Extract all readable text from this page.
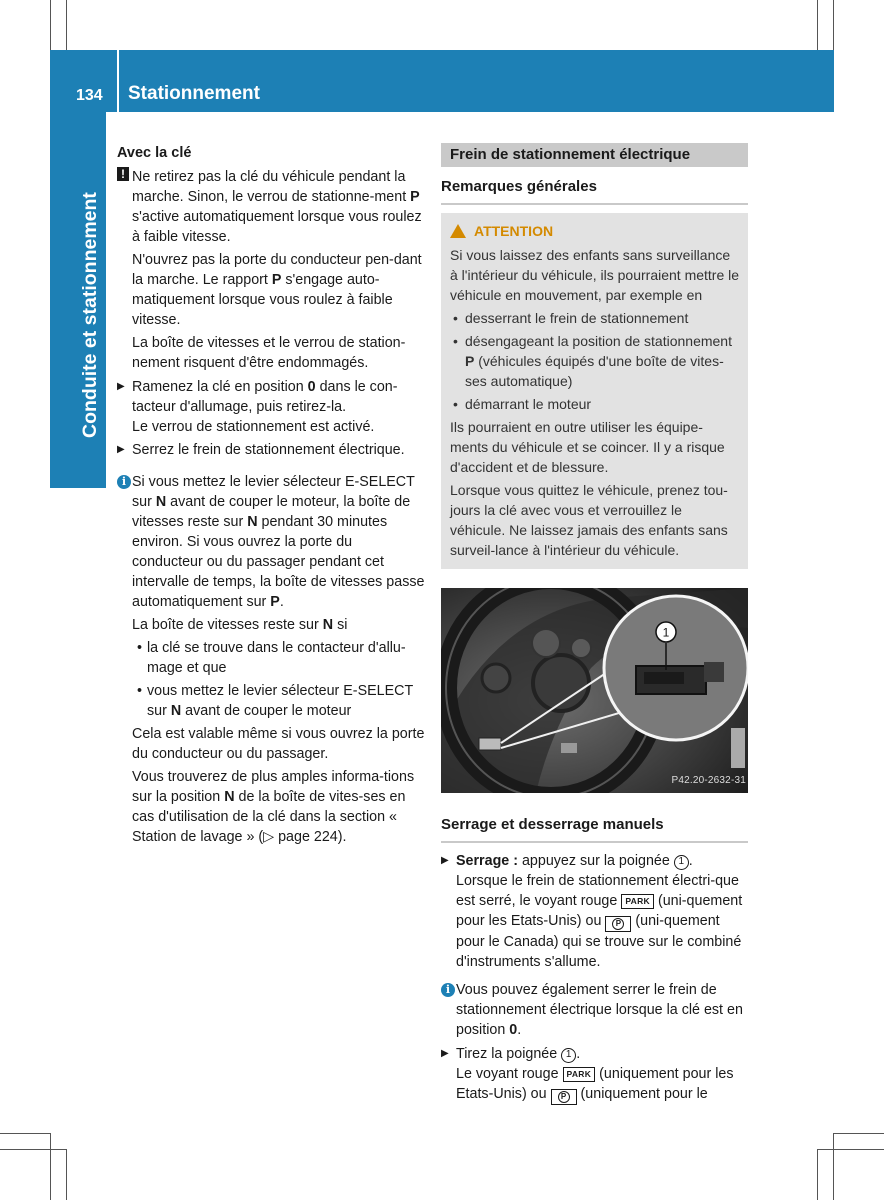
134 Stationnement
Conduite et stationnement

Avec la clé

! Ne retirez pas la clé du véhicule pendant la marche. Sinon, le verrou de stationne-ment P s'active automatiquement lorsque vous roulez à faible vitesse.

N'ouvrez pas la porte du conducteur pen-dant la marche. Le rapport P s'engage auto-matiquement lorsque vous roulez à faible vitesse.

La boîte de vitesses et le verrou de station-nement risquent d'être endommagés.

▶ Ramenez la clé en position 0 dans le con-tacteur d'allumage, puis retirez-la.
Le verrou de stationnement est activé.

▶ Serrez le frein de stationnement électrique.

i Si vous mettez le levier sélecteur E-SELECT sur N avant de couper le moteur, la boîte de vitesses reste sur N pendant 30 minutes environ. Si vous ouvrez la porte du conducteur ou du passager pendant cet intervalle de temps, la boîte de vitesses passe automatiquement sur P.

La boîte de vitesses reste sur N si

• la clé se trouve dans le contacteur d'allu-mage et que

• vous mettez le levier sélecteur E-SELECT sur N avant de couper le moteur

Cela est valable même si vous ouvrez la porte du conducteur ou du passager.

Vous trouverez de plus amples informa-tions sur la position N de la boîte de vites-ses en cas d'utilisation de la clé dans la section « Station de lavage » (▷ page 224).

Frein de stationnement électrique
Remarques générales
ATTENTION

Si vous laissez des enfants sans surveillance à l'intérieur du véhicule, ils pourraient mettre le véhicule en mouvement, par exemple en

• desserrant le frein de stationnement
• désengageant la position de stationnement P (véhicules équipés d'une boîte de vites-ses automatique)
• démarrant le moteur

Ils pourraient en outre utiliser les équipe-ments du véhicule et se coincer. Il y a risque d'accident et de blessure.

Lorsque vous quittez le véhicule, prenez tou-jours la clé avec vous et verrouillez le véhicule. Ne laissez jamais des enfants sans surveil-lance à l'intérieur du véhicule.

1
P42.20-2632-31
Serrage et desserrage manuels
▶ Serrage : appuyez sur la poignée 1 .
Lorsque le frein de stationnement électri-que est serré, le voyant rouge PARK (uni-quement pour les Etats-Unis) ou P (uni-quement pour le Canada) qui se trouve sur le combiné d'instruments s'allume.

i Vous pouvez également serrer le frein de stationnement électrique lorsque la clé est en position 0.

▶ Tirez la poignée 1 .
Le voyant rouge PARK (uniquement pour les Etats-Unis) ou P (uniquement pour le
